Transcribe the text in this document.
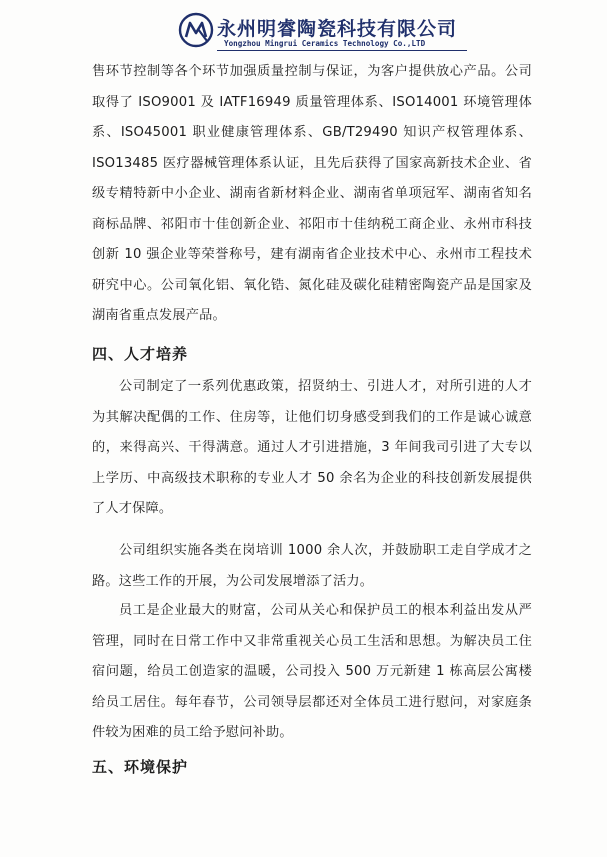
永州明睿陶瓷科技有限公司
Yongzhou Mingrui Ceramics Technology Co.,LTD

售环节控制等各个环节加强质量控制与保证，为客户提供放心产品。公司取得了 ISO9001 及 IATF16949 质量管理体系、ISO14001 环境管理体系、ISO45001 职业健康管理体系、GB/T29490 知识产权管理体系、ISO13485 医疗器械管理体系认证，且先后获得了国家高新技术企业、省级专精特新中小企业、湖南省新材料企业、湖南省单项冠军、湖南省知名商标品牌、祁阳市十佳创新企业、祁阳市十佳纳税工商企业、永州市科技创新 10 强企业等荣誉称号，建有湖南省企业技术中心、永州市工程技术研究中心。公司氧化铝、氧化锆、氮化硅及碳化硅精密陶瓷产品是国家及湖南省重点发展产品。

四、人才培养

公司制定了一系列优惠政策，招贤纳士、引进人才，对所引进的人才为其解决配偶的工作、住房等，让他们切身感受到我们的工作是诚心诚意的，来得高兴、干得满意。通过人才引进措施，3 年间我司引进了大专以上学历、中高级技术职称的专业人才 50 余名为企业的科技创新发展提供了人才保障。

公司组织实施各类在岗培训 1000 余人次，并鼓励职工走自学成才之路。这些工作的开展，为公司发展增添了活力。

员工是企业最大的财富，公司从关心和保护员工的根本利益出发从严管理，同时在日常工作中又非常重视关心员工生活和思想。为解决员工住宿问题，给员工创造家的温暖，公司投入 500 万元新建 1 栋高层公寓楼给员工居住。每年春节，公司领导层都还对全体员工进行慰问，对家庭条件较为困难的员工给予慰问补助。

五、环境保护
